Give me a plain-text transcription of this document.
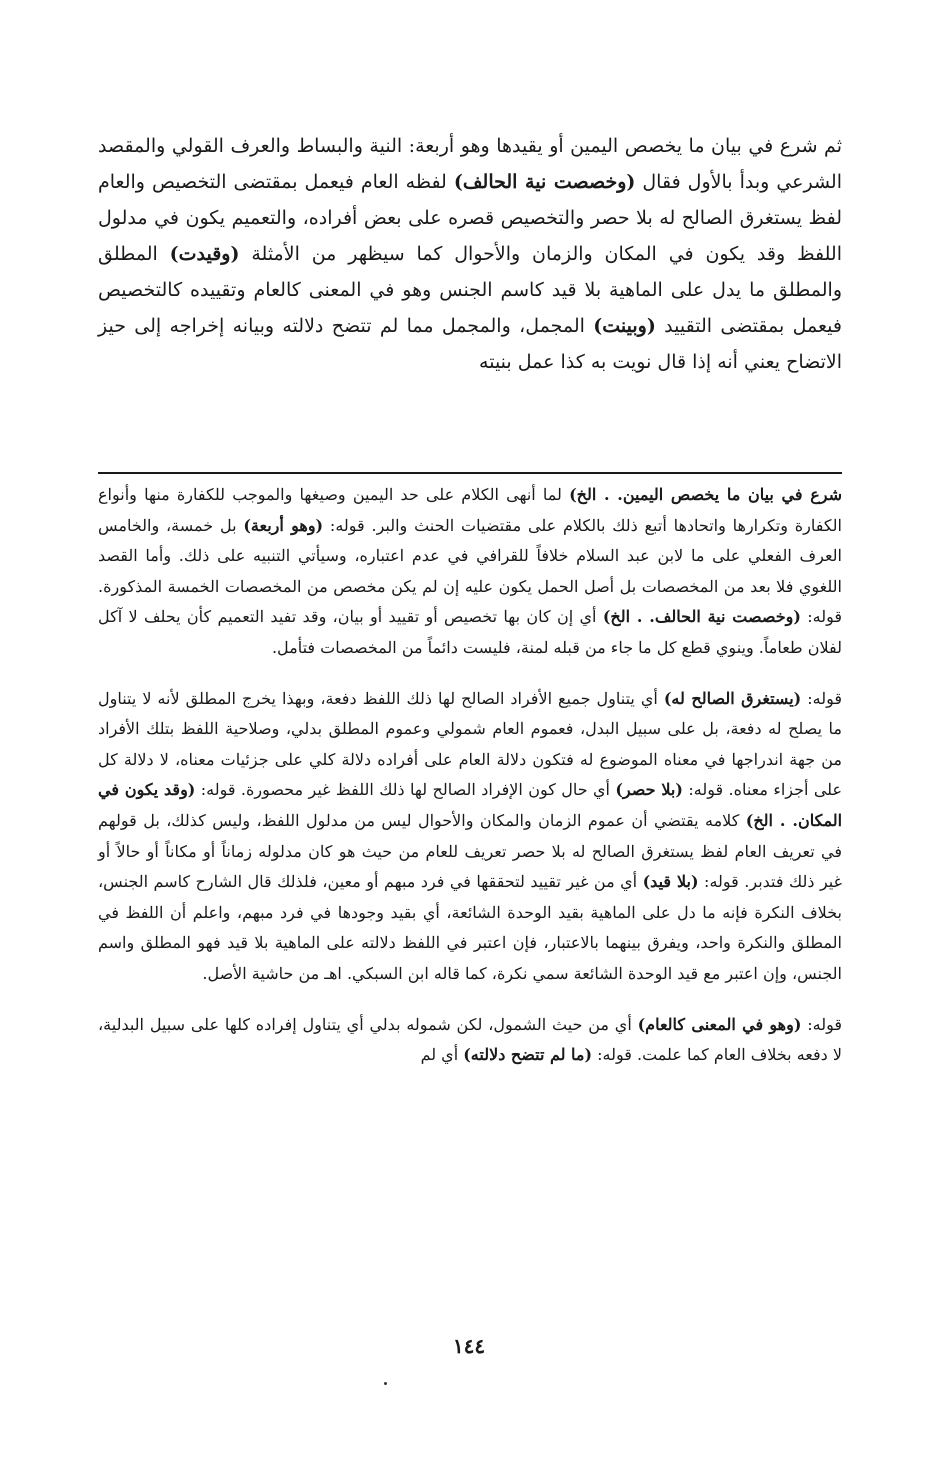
ثم شرع في بيان ما يخصص اليمين أو يقيدها وهو أربعة: النية والبساط والعرف القولي والمقصد الشرعي وبدأ بالأول فقال (وخصصت نية الحالف) لفظه العام فيعمل بمقتضى التخصيص والعام لفظ يستغرق الصالح له بلا حصر والتخصيص قصره على بعض أفراده، والتعميم يكون في مدلول اللفظ وقد يكون في المكان والزمان والأحوال كما سيظهر من الأمثلة (وقيدت) المطلق والمطلق ما يدل على الماهية بلا قيد كاسم الجنس وهو في المعنى كالعام وتقييده كالتخصيص فيعمل بمقتضى التقييد (وبينت) المجمل، والمجمل مما لم تتضح دلالته وبيانه إخراجه إلى حيز الاتضاح يعني أنه إذا قال نويت به كذا عمل بنيته

شرع في بيان ما يخصص اليمين. . الخ) لما أنهى الكلام على حد اليمين وصيغها والموجب للكفارة منها وأنواع الكفارة وتكرارها واتحادها أتبع ذلك بالكلام على مقتضيات الحنث والبر. قوله: (وهو أربعة) بل خمسة، والخامس العرف الفعلي على ما لابن عبد السلام خلافاً للقرافي في عدم اعتباره، وسيأتي التنبيه على ذلك. وأما القصد اللغوي فلا بعد من المخصصات بل أصل الحمل يكون عليه إن لم يكن مخصص من المخصصات الخمسة المذكورة. قوله: (وخصصت نية الحالف. . الخ) أي إن كان بها تخصيص أو تقييد أو بيان، وقد تفيد التعميم كأن يحلف لا آكل لفلان طعاماً. وينوي قطع كل ما جاء من قبله لمنة، فليست دائماً من المخصصات فتأمل.

قوله: (يستغرق الصالح له) أي يتناول جميع الأفراد الصالح لها ذلك اللفظ دفعة، وبهذا يخرج المطلق لأنه لا يتناول ما يصلح له دفعة، بل على سبيل البدل، فعموم العام شمولي وعموم المطلق بدلي، وصلاحية اللفظ بتلك الأفراد من جهة اندراجها في معناه الموضوع له فتكون دلالة العام على أفراده دلالة كلي على جزئيات معناه، لا دلالة كل على أجزاء معناه. قوله: (بلا حصر) أي حال كون الإفراد الصالح لها ذلك اللفظ غير محصورة. قوله: (وقد يكون في المكان. . الخ) كلامه يقتضي أن عموم الزمان والمكان والأحوال ليس من مدلول اللفظ، وليس كذلك، بل قولهم في تعريف العام لفظ يستغرق الصالح له بلا حصر تعريف للعام من حيث هو كان مدلوله زماناً أو مكاناً أو حالاً أو غير ذلك فتدبر. قوله: (بلا قيد) أي من غير تقييد لتحققها في فرد مبهم أو معين، فلذلك قال الشارح كاسم الجنس، بخلاف النكرة فإنه ما دل على الماهية بقيد الوحدة الشائعة، أي بقيد وجودها في فرد مبهم، واعلم أن اللفظ في المطلق والنكرة واحد، ويفرق بينهما بالاعتبار، فإن اعتبر في اللفظ دلالته على الماهية بلا قيد فهو المطلق واسم الجنس، وإن اعتبر مع قيد الوحدة الشائعة سمي نكرة، كما قاله ابن السبكي. اهـ من حاشية الأصل.

قوله: (وهو في المعنى كالعام) أي من حيث الشمول، لكن شموله بدلي أي يتناول إفراده كلها على سبيل البدلية، لا دفعه بخلاف العام كما علمت. قوله: (ما لم تتضح دلالته) أي لم

١٤٤
